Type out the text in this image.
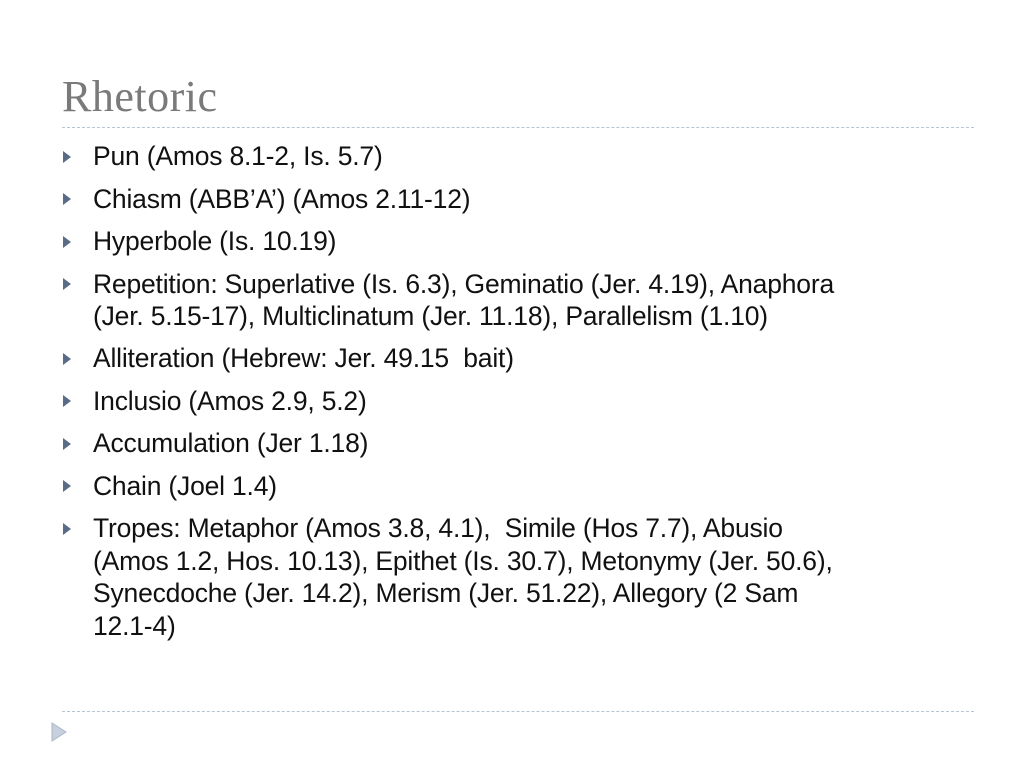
Rhetoric
Pun (Amos 8.1-2, Is. 5.7)
Chiasm (ABB’A’) (Amos 2.11-12)
Hyperbole (Is. 10.19)
Repetition: Superlative (Is. 6.3), Geminatio (Jer. 4.19), Anaphora
(Jer. 5.15-17), Multiclinatum (Jer. 11.18), Parallelism (1.10)
Alliteration (Hebrew: Jer. 49.15  bait)
Inclusio (Amos 2.9, 5.2)
Accumulation (Jer 1.18)
Chain (Joel 1.4)
Tropes: Metaphor (Amos 3.8, 4.1),  Simile (Hos 7.7), Abusio
(Amos 1.2, Hos. 10.13), Epithet (Is. 30.7), Metonymy (Jer. 50.6),
Synecdoche (Jer. 14.2), Merism (Jer. 51.22), Allegory (2 Sam
12.1-4)
